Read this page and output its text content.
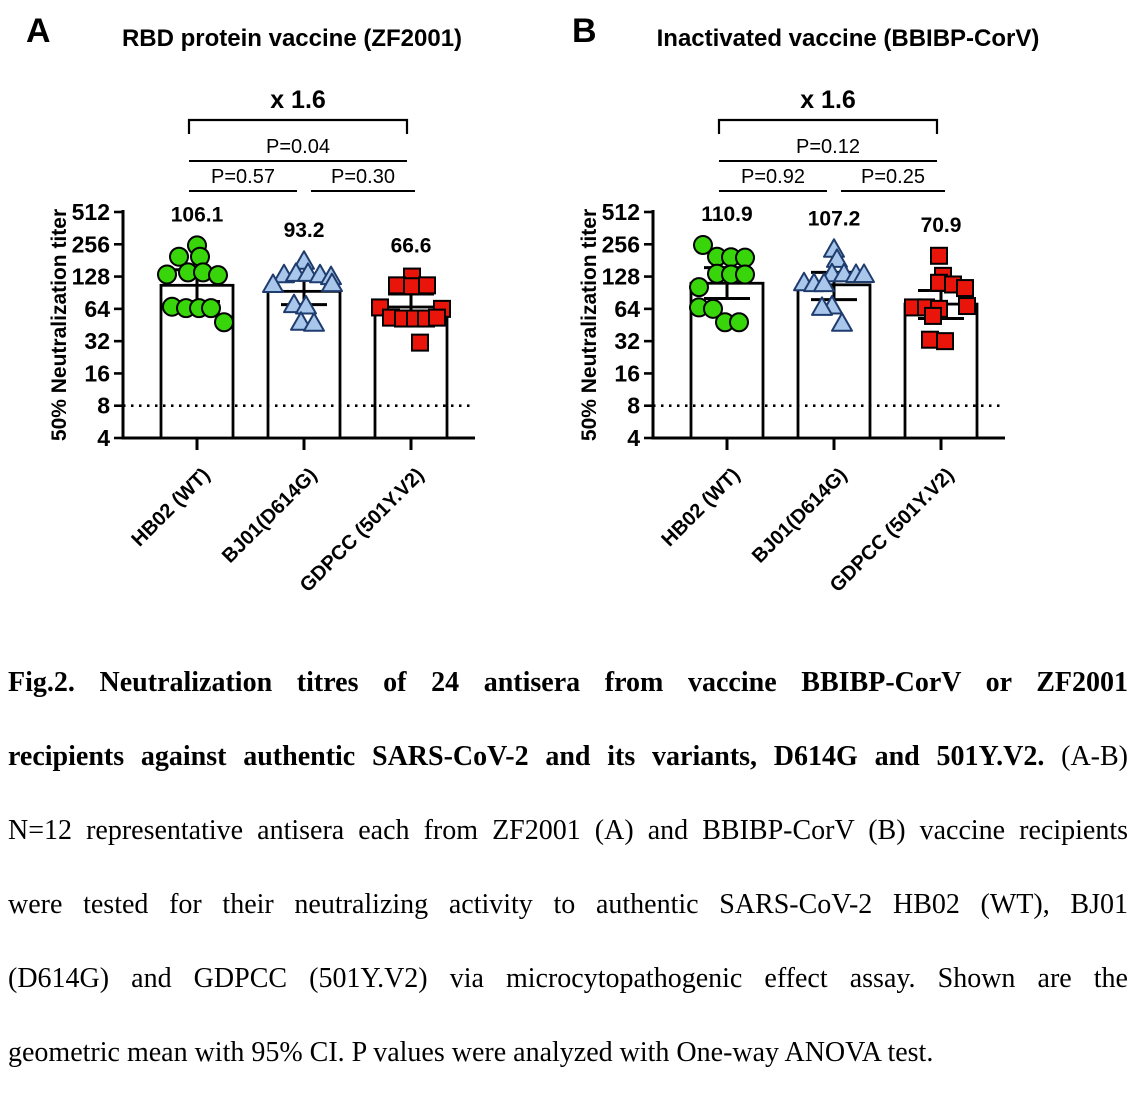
A	RBD protein vaccine (ZF2001)
x 1.6
P=0.04
P=0.57	P=0.30
512
256
128
64
32
16
8
4
106.1
HB02 (WT)
93.2
BJ01(D614G)
66.6
GDPCC (501Y.V2)
50% Neutralization titer
B	Inactivated vaccine (BBIBP-CorV)
x 1.6
P=0.12
P=0.92	P=0.25
512
256
128
64
32
16
8
4
110.9
HB02 (WT)
107.2
BJ01(D614G)
70.9
GDPCC (501Y.V2)
50% Neutralization titer
Fig.2. Neutralization titres of 24 antisera from vaccine BBIBP-CorV or ZF2001
recipients against authentic SARS-CoV-2 and its variants, D614G and 501Y.V2. (A-B)
N=12 representative antisera each from ZF2001 (A) and BBIBP-CorV (B) vaccine recipients
were tested for their neutralizing activity to authentic SARS-CoV-2 HB02 (WT), BJ01
(D614G) and GDPCC (501Y.V2) via microcytopathogenic effect assay. Shown are the
geometric mean with 95% CI. P values were analyzed with One-way ANOVA test.
